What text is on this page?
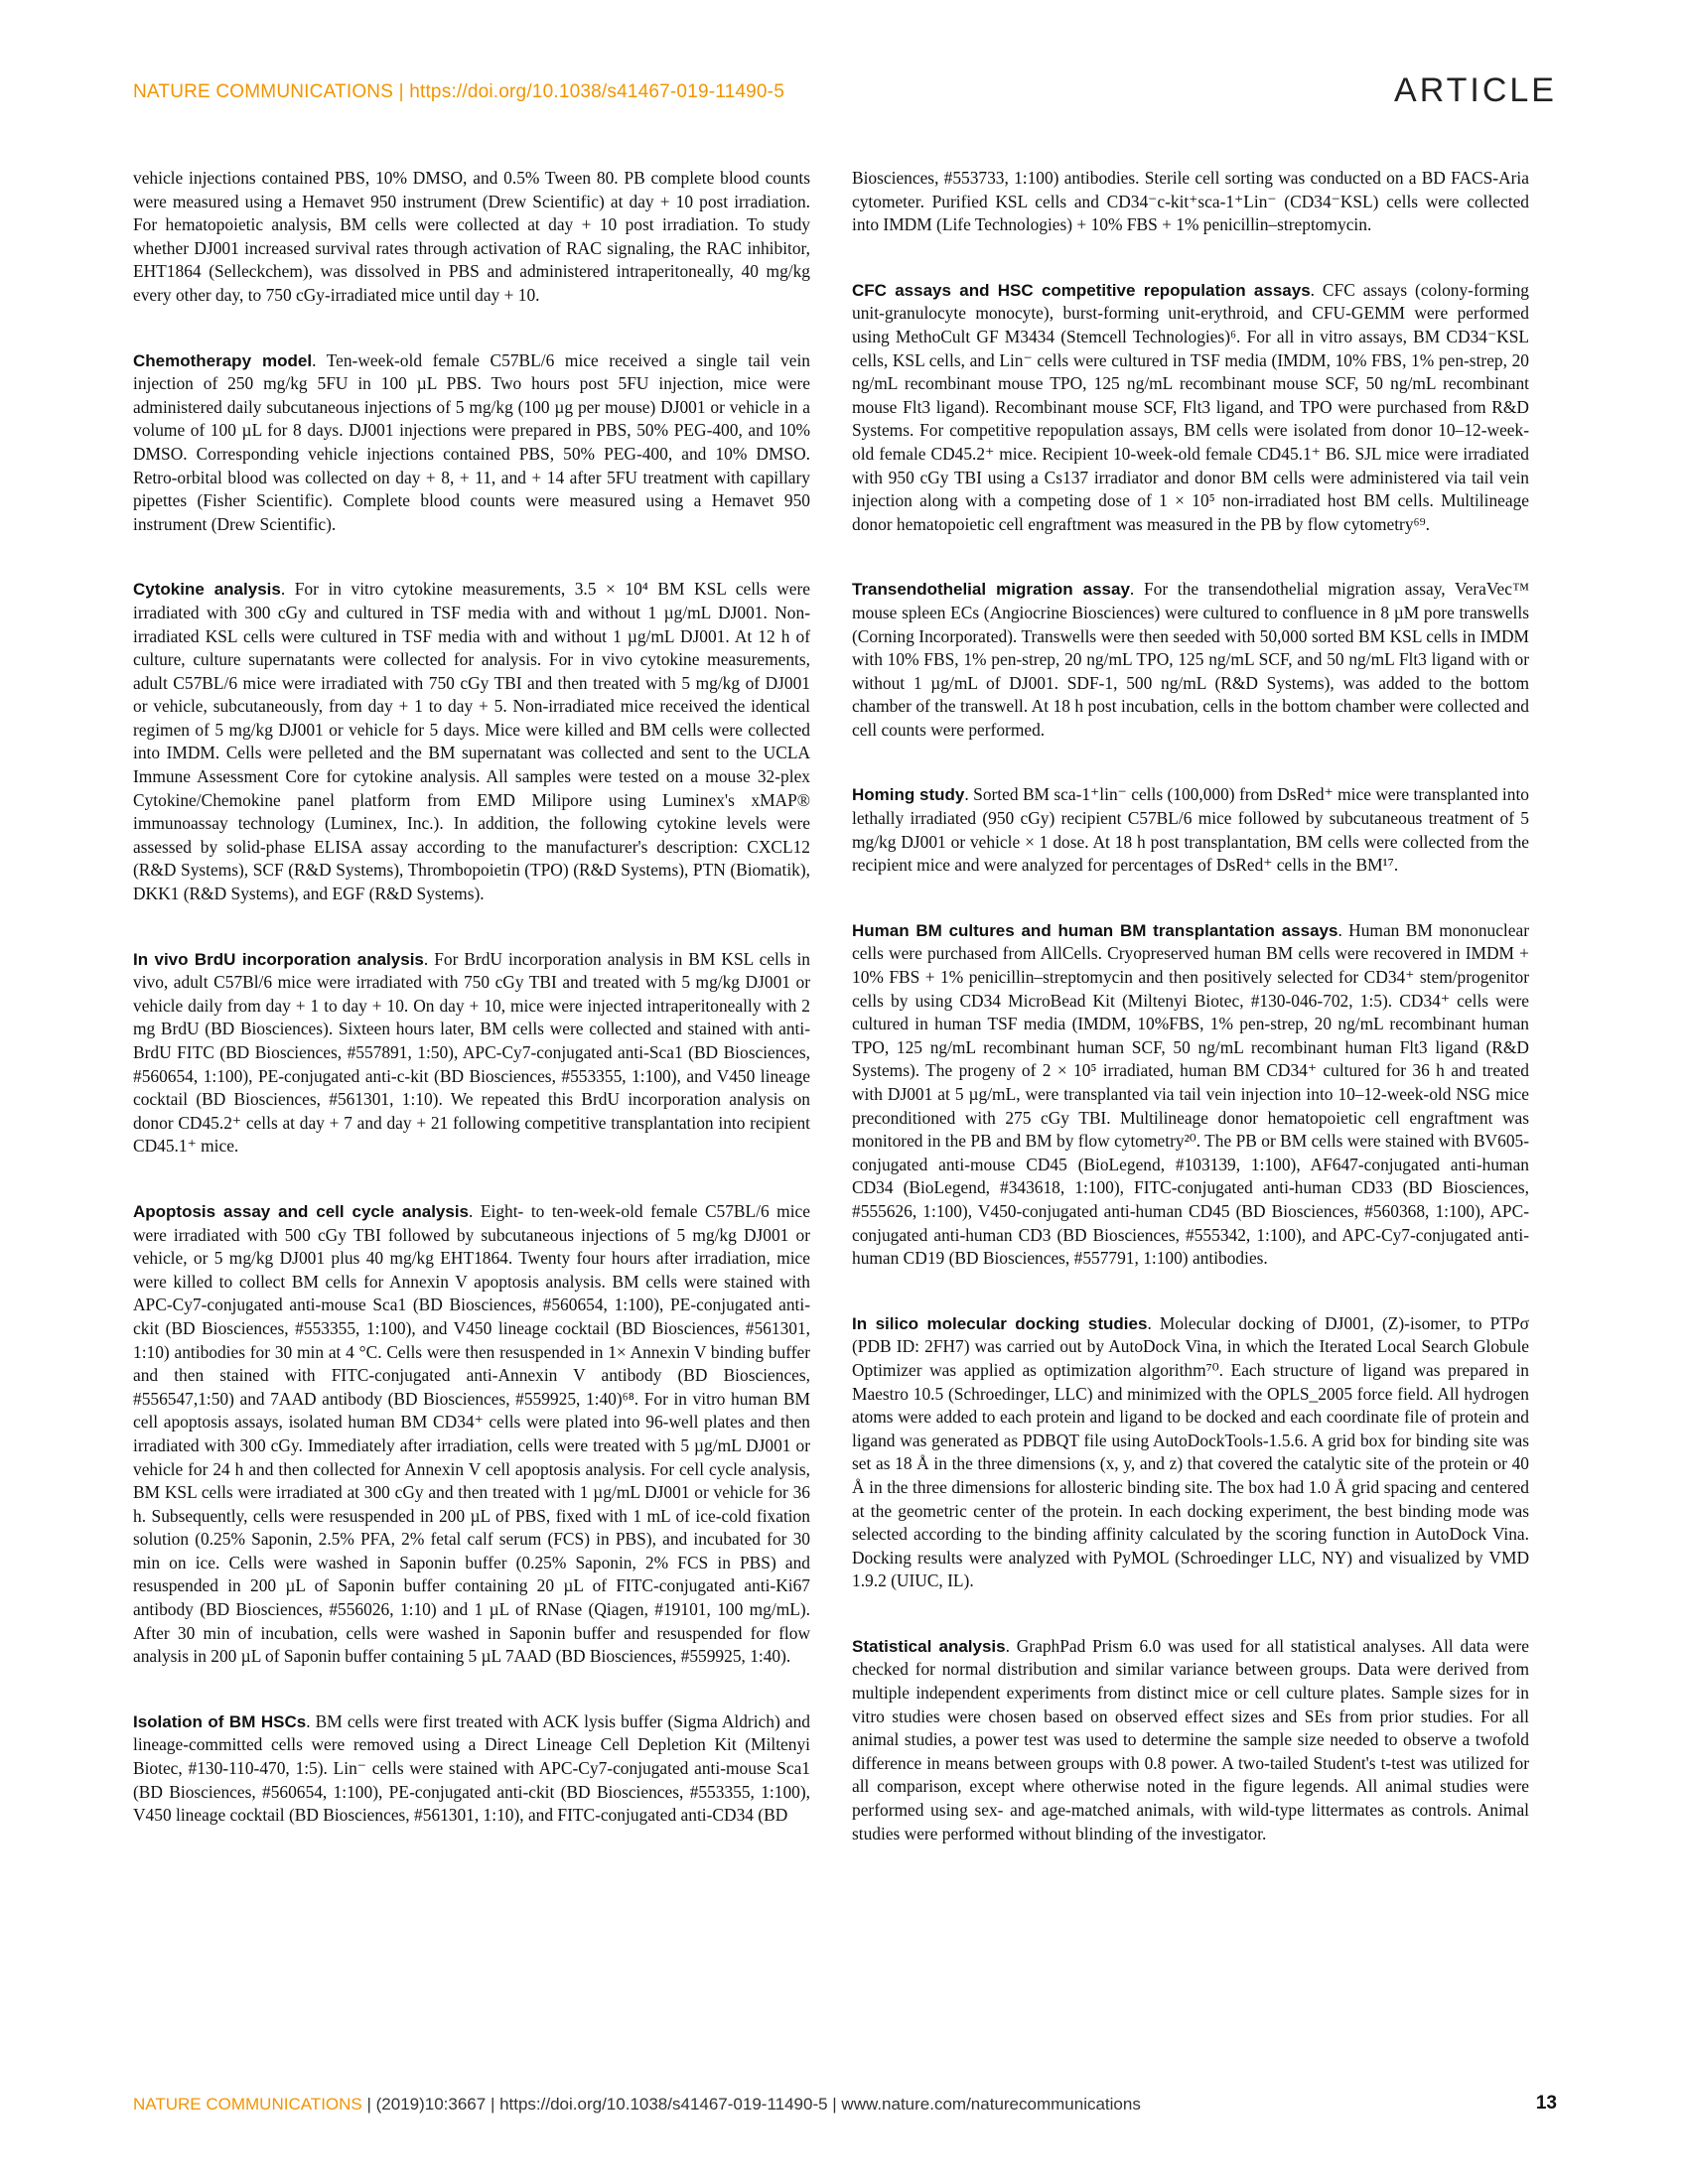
NATURE COMMUNICATIONS | https://doi.org/10.1038/s41467-019-11490-5	ARTICLE

vehicle injections contained PBS, 10% DMSO, and 0.5% Tween 80. PB complete blood counts were measured using a Hemavet 950 instrument (Drew Scientific) at day + 10 post irradiation. For hematopoietic analysis, BM cells were collected at day + 10 post irradiation. To study whether DJ001 increased survival rates through activation of RAC signaling, the RAC inhibitor, EHT1864 (Selleckchem), was dissolved in PBS and administered intraperitoneally, 40 mg/kg every other day, to 750 cGy-irradiated mice until day + 10.

Chemotherapy model. Ten-week-old female C57BL/6 mice received a single tail vein injection of 250 mg/kg 5FU in 100 µL PBS. Two hours post 5FU injection, mice were administered daily subcutaneous injections of 5 mg/kg (100 µg per mouse) DJ001 or vehicle in a volume of 100 µL for 8 days. DJ001 injections were prepared in PBS, 50% PEG-400, and 10% DMSO. Corresponding vehicle injections contained PBS, 50% PEG-400, and 10% DMSO. Retro-orbital blood was collected on day + 8, + 11, and + 14 after 5FU treatment with capillary pipettes (Fisher Scientific). Complete blood counts were measured using a Hemavet 950 instrument (Drew Scientific).

Cytokine analysis. For in vitro cytokine measurements, 3.5 × 10⁴ BM KSL cells were irradiated with 300 cGy and cultured in TSF media with and without 1 µg/mL DJ001. Non-irradiated KSL cells were cultured in TSF media with and without 1 µg/mL DJ001. At 12 h of culture, culture supernatants were collected for analysis. For in vivo cytokine measurements, adult C57BL/6 mice were irradiated with 750 cGy TBI and then treated with 5 mg/kg of DJ001 or vehicle, subcutaneously, from day + 1 to day + 5. Non-irradiated mice received the identical regimen of 5 mg/kg DJ001 or vehicle for 5 days. Mice were killed and BM cells were collected into IMDM. Cells were pelleted and the BM supernatant was collected and sent to the UCLA Immune Assessment Core for cytokine analysis. All samples were tested on a mouse 32-plex Cytokine/Chemokine panel platform from EMD Milipore using Luminex's xMAP® immunoassay technology (Luminex, Inc.). In addition, the following cytokine levels were assessed by solid-phase ELISA assay according to the manufacturer's description: CXCL12 (R&D Systems), SCF (R&D Systems), Thrombopoietin (TPO) (R&D Systems), PTN (Biomatik), DKK1 (R&D Systems), and EGF (R&D Systems).

In vivo BrdU incorporation analysis. For BrdU incorporation analysis in BM KSL cells in vivo, adult C57Bl/6 mice were irradiated with 750 cGy TBI and treated with 5 mg/kg DJ001 or vehicle daily from day + 1 to day + 10. On day + 10, mice were injected intraperitoneally with 2 mg BrdU (BD Biosciences). Sixteen hours later, BM cells were collected and stained with anti-BrdU FITC (BD Biosciences, #557891, 1:50), APC-Cy7-conjugated anti-Sca1 (BD Biosciences, #560654, 1:100), PE-conjugated anti-c-kit (BD Biosciences, #553355, 1:100), and V450 lineage cocktail (BD Biosciences, #561301, 1:10). We repeated this BrdU incorporation analysis on donor CD45.2⁺ cells at day + 7 and day + 21 following competitive transplantation into recipient CD45.1⁺ mice.

Apoptosis assay and cell cycle analysis. Eight- to ten-week-old female C57BL/6 mice were irradiated with 500 cGy TBI followed by subcutaneous injections of 5 mg/kg DJ001 or vehicle, or 5 mg/kg DJ001 plus 40 mg/kg EHT1864. Twenty four hours after irradiation, mice were killed to collect BM cells for Annexin V apoptosis analysis. BM cells were stained with APC-Cy7-conjugated anti-mouse Sca1 (BD Biosciences, #560654, 1:100), PE-conjugated anti-ckit (BD Biosciences, #553355, 1:100), and V450 lineage cocktail (BD Biosciences, #561301, 1:10) antibodies for 30 min at 4 °C. Cells were then resuspended in 1× Annexin V binding buffer and then stained with FITC-conjugated anti-Annexin V antibody (BD Biosciences, #556547,1:50) and 7AAD antibody (BD Biosciences, #559925, 1:40)⁶⁸. For in vitro human BM cell apoptosis assays, isolated human BM CD34⁺ cells were plated into 96-well plates and then irradiated with 300 cGy. Immediately after irradiation, cells were treated with 5 µg/mL DJ001 or vehicle for 24 h and then collected for Annexin V cell apoptosis analysis. For cell cycle analysis, BM KSL cells were irradiated at 300 cGy and then treated with 1 µg/mL DJ001 or vehicle for 36 h. Subsequently, cells were resuspended in 200 µL of PBS, fixed with 1 mL of ice-cold fixation solution (0.25% Saponin, 2.5% PFA, 2% fetal calf serum (FCS) in PBS), and incubated for 30 min on ice. Cells were washed in Saponin buffer (0.25% Saponin, 2% FCS in PBS) and resuspended in 200 µL of Saponin buffer containing 20 µL of FITC-conjugated anti-Ki67 antibody (BD Biosciences, #556026, 1:10) and 1 µL of RNase (Qiagen, #19101, 100 mg/mL). After 30 min of incubation, cells were washed in Saponin buffer and resuspended for flow analysis in 200 µL of Saponin buffer containing 5 µL 7AAD (BD Biosciences, #559925, 1:40).

Isolation of BM HSCs. BM cells were first treated with ACK lysis buffer (Sigma Aldrich) and lineage-committed cells were removed using a Direct Lineage Cell Depletion Kit (Miltenyi Biotec, #130-110-470, 1:5). Lin⁻ cells were stained with APC-Cy7-conjugated anti-mouse Sca1 (BD Biosciences, #560654, 1:100), PE-conjugated anti-ckit (BD Biosciences, #553355, 1:100), V450 lineage cocktail (BD Biosciences, #561301, 1:10), and FITC-conjugated anti-CD34 (BD

Biosciences, #553733, 1:100) antibodies. Sterile cell sorting was conducted on a BD FACS-Aria cytometer. Purified KSL cells and CD34⁻c-kit⁺sca-1⁺Lin⁻ (CD34⁻KSL) cells were collected into IMDM (Life Technologies) + 10% FBS + 1% penicillin–streptomycin.

CFC assays and HSC competitive repopulation assays. CFC assays (colony-forming unit-granulocyte monocyte), burst-forming unit-erythroid, and CFU-GEMM were performed using MethoCult GF M3434 (Stemcell Technologies)⁶. For all in vitro assays, BM CD34⁻KSL cells, KSL cells, and Lin⁻ cells were cultured in TSF media (IMDM, 10% FBS, 1% pen-strep, 20 ng/mL recombinant mouse TPO, 125 ng/mL recombinant mouse SCF, 50 ng/mL recombinant mouse Flt3 ligand). Recombinant mouse SCF, Flt3 ligand, and TPO were purchased from R&D Systems. For competitive repopulation assays, BM cells were isolated from donor 10–12-week-old female CD45.2⁺ mice. Recipient 10-week-old female CD45.1⁺ B6. SJL mice were irradiated with 950 cGy TBI using a Cs137 irradiator and donor BM cells were administered via tail vein injection along with a competing dose of 1 × 10⁵ non-irradiated host BM cells. Multilineage donor hematopoietic cell engraftment was measured in the PB by flow cytometry⁶⁹.

Transendothelial migration assay. For the transendothelial migration assay, VeraVec™ mouse spleen ECs (Angiocrine Biosciences) were cultured to confluence in 8 µM pore transwells (Corning Incorporated). Transwells were then seeded with 50,000 sorted BM KSL cells in IMDM with 10% FBS, 1% pen-strep, 20 ng/mL TPO, 125 ng/mL SCF, and 50 ng/mL Flt3 ligand with or without 1 µg/mL of DJ001. SDF-1, 500 ng/mL (R&D Systems), was added to the bottom chamber of the transwell. At 18 h post incubation, cells in the bottom chamber were collected and cell counts were performed.

Homing study. Sorted BM sca-1⁺lin⁻ cells (100,000) from DsRed⁺ mice were transplanted into lethally irradiated (950 cGy) recipient C57BL/6 mice followed by subcutaneous treatment of 5 mg/kg DJ001 or vehicle × 1 dose. At 18 h post transplantation, BM cells were collected from the recipient mice and were analyzed for percentages of DsRed⁺ cells in the BM¹⁷.

Human BM cultures and human BM transplantation assays. Human BM mononuclear cells were purchased from AllCells. Cryopreserved human BM cells were recovered in IMDM + 10% FBS + 1% penicillin–streptomycin and then positively selected for CD34⁺ stem/progenitor cells by using CD34 MicroBead Kit (Miltenyi Biotec, #130-046-702, 1:5). CD34⁺ cells were cultured in human TSF media (IMDM, 10%FBS, 1% pen-strep, 20 ng/mL recombinant human TPO, 125 ng/mL recombinant human SCF, 50 ng/mL recombinant human Flt3 ligand (R&D Systems). The progeny of 2 × 10⁵ irradiated, human BM CD34⁺ cultured for 36 h and treated with DJ001 at 5 µg/mL, were transplanted via tail vein injection into 10–12-week-old NSG mice preconditioned with 275 cGy TBI. Multilineage donor hematopoietic cell engraftment was monitored in the PB and BM by flow cytometry²⁰. The PB or BM cells were stained with BV605-conjugated anti-mouse CD45 (BioLegend, #103139, 1:100), AF647-conjugated anti-human CD34 (BioLegend, #343618, 1:100), FITC-conjugated anti-human CD33 (BD Biosciences, #555626, 1:100), V450-conjugated anti-human CD45 (BD Biosciences, #560368, 1:100), APC-conjugated anti-human CD3 (BD Biosciences, #555342, 1:100), and APC-Cy7-conjugated anti-human CD19 (BD Biosciences, #557791, 1:100) antibodies.

In silico molecular docking studies. Molecular docking of DJ001, (Z)-isomer, to PTPσ (PDB ID: 2FH7) was carried out by AutoDock Vina, in which the Iterated Local Search Globule Optimizer was applied as optimization algorithm⁷⁰. Each structure of ligand was prepared in Maestro 10.5 (Schroedinger, LLC) and minimized with the OPLS_2005 force field. All hydrogen atoms were added to each protein and ligand to be docked and each coordinate file of protein and ligand was generated as PDBQT file using AutoDockTools-1.5.6. A grid box for binding site was set as 18 Å in the three dimensions (x, y, and z) that covered the catalytic site of the protein or 40 Å in the three dimensions for allosteric binding site. The box had 1.0 Å grid spacing and centered at the geometric center of the protein. In each docking experiment, the best binding mode was selected according to the binding affinity calculated by the scoring function in AutoDock Vina. Docking results were analyzed with PyMOL (Schroedinger LLC, NY) and visualized by VMD 1.9.2 (UIUC, IL).

Statistical analysis. GraphPad Prism 6.0 was used for all statistical analyses. All data were checked for normal distribution and similar variance between groups. Data were derived from multiple independent experiments from distinct mice or cell culture plates. Sample sizes for in vitro studies were chosen based on observed effect sizes and SEs from prior studies. For all animal studies, a power test was used to determine the sample size needed to observe a twofold difference in means between groups with 0.8 power. A two-tailed Student's t-test was utilized for all comparison, except where otherwise noted in the figure legends. All animal studies were performed using sex- and age-matched animals, with wild-type littermates as controls. Animal studies were performed without blinding of the investigator.

NATURE COMMUNICATIONS | (2019)10:3667 | https://doi.org/10.1038/s41467-019-11490-5 | www.nature.com/naturecommunications	13
